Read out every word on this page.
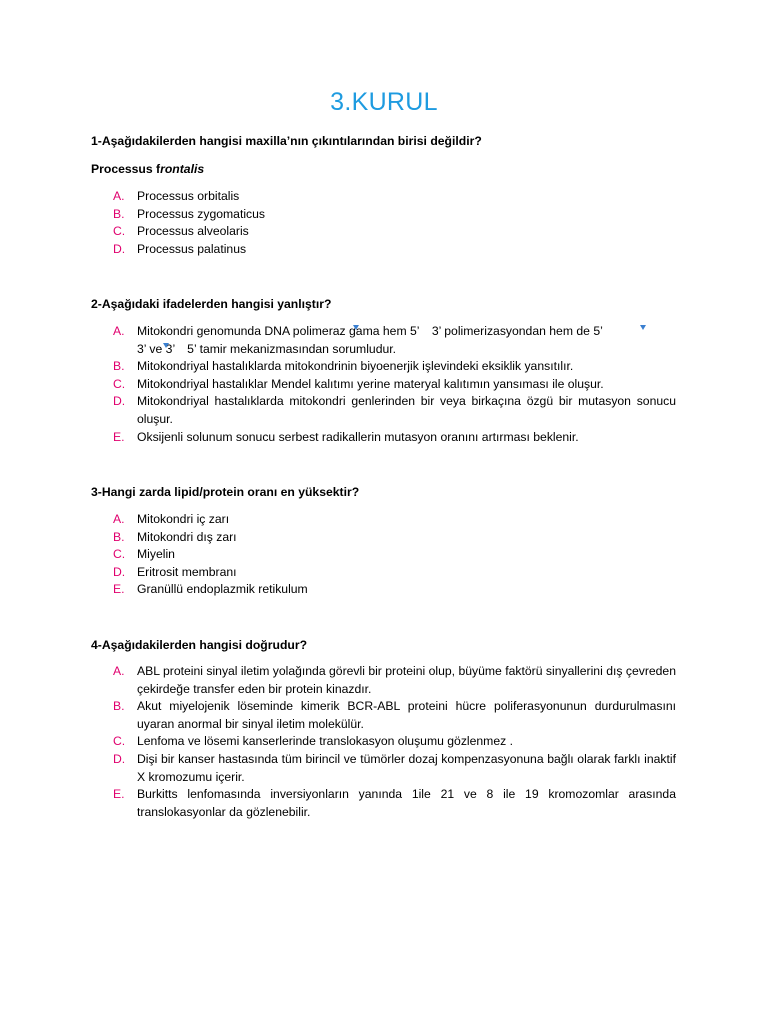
3.KURUL
1-Aşağıdakilerden hangisi maxilla’nın çıkıntılarından birisi değildir?
Processus frontalis
A.	Processus orbitalis
B.	Processus zygomaticus
C. Processus alveolaris
D. Processus palatinus
2-Aşağıdaki ifadelerden hangisi yanlıştır?
A.	Mitokondri genomunda DNA polimeraz gama hem 5’ 3’ polimerizasyondan hem de 5’
3’ ve 3’ 5’ tamir mekanizmasından sorumludur.
B.	Mitokondriyal hastalıklarda mitokondrinin biyoenerjik işlevindeki eksiklik yansıtılır.
C. Mitokondriyal hastalıklar Mendel kalıtımı yerine materyal kalıtımın yansıması ile oluşur.
D. Mitokondriyal hastalıklarda mitokondri genlerinden bir veya birkaçına özgü bir mutasyon sonucu oluşur.
E.	Oksijenli solunum sonucu serbest radikallerin mutasyon oranını artırması beklenir.
3-Hangi zarda lipid/protein oranı en yüksektir?
A.	Mitokondri iç zarı
B.	Mitokondri dış zarı
C. Miyelin
D. Eritrosit membranı
E.	Granüllü endoplazmik retikulum
4-Aşağıdakilerden hangisi doğrudur?
A.	ABL proteini sinyal iletim yolağında görevli bir proteini olup, büyüme faktörü sinyallerini dış çevreden çekirdeğe transfer eden bir protein kinazdır.
B.	Akut miyelojenik löseminde kimerik BCR-ABL proteini hücre poliferasyonunun durdurulmasını uyaran anormal bir sinyal iletim molekülür.
C. Lenfoma ve lösemi kanserlerinde translokasyon oluşumu gözlenmez .
D. Dişi bir kanser hastasında tüm birincil ve tümörler dozaj kompenzasyonuna bağlı olarak farklı inaktif X kromozumu içerir.
E.	Burkitts lenfomasında inversiyonların yanında 1ile 21 ve 8 ile 19 kromozomlar arasında translokasyonlar da gözlenebilir.
